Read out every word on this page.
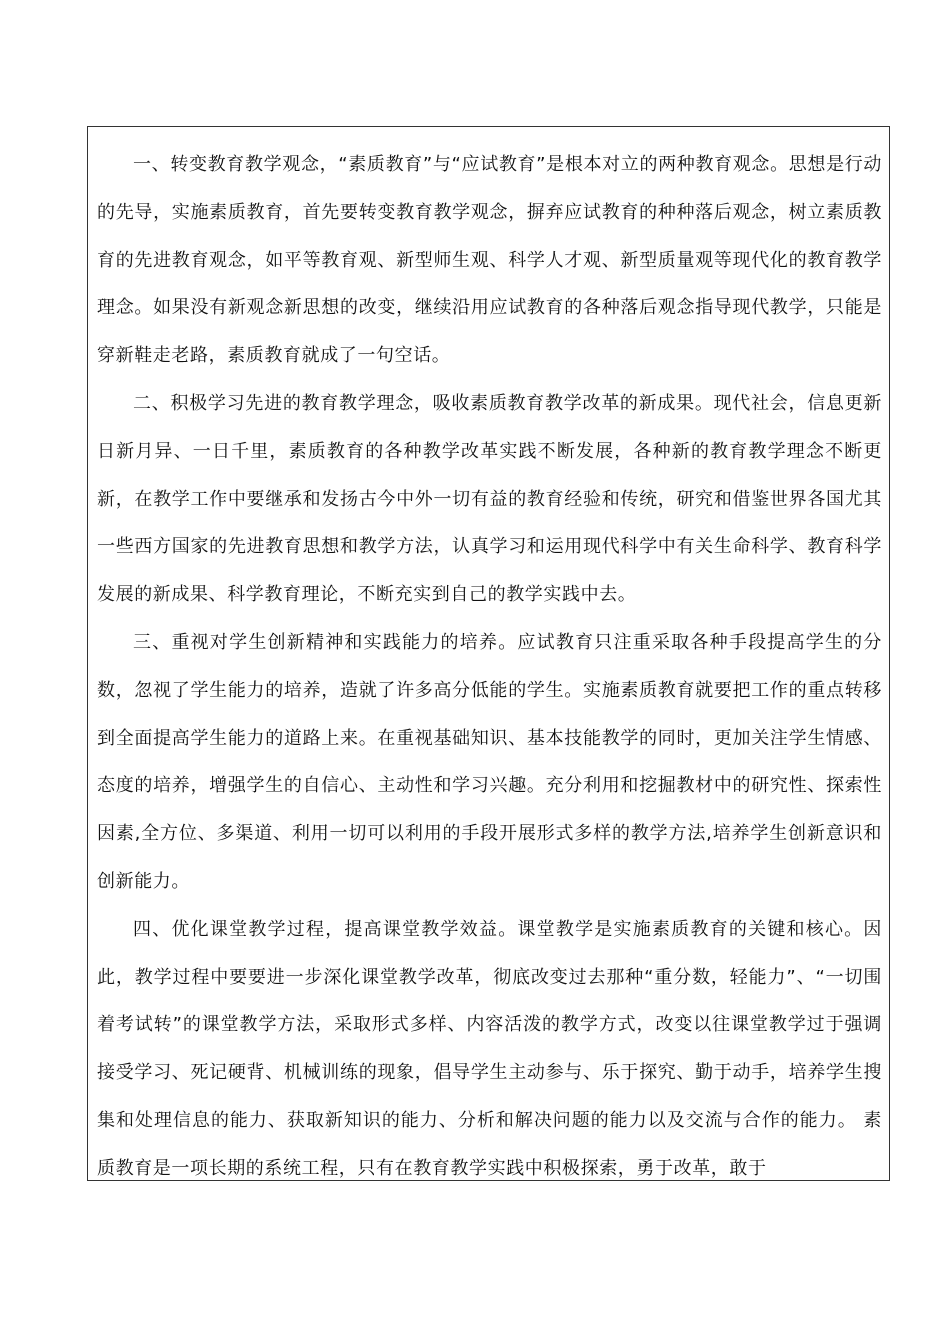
一、转变教育教学观念，“素质教育”与“应试教育”是根本对立的两种教育观念。思想是行动的先导，实施素质教育，首先要转变教育教学观念，摒弃应试教育的种种落后观念，树立素质教育的先进教育观念，如平等教育观、新型师生观、科学人才观、新型质量观等现代化的教育教学理念。如果没有新观念新思想的改变，继续沿用应试教育的各种落后观念指导现代教学，只能是穿新鞋走老路，素质教育就成了一句空话。

二、积极学习先进的教育教学理念，吸收素质教育教学改革的新成果。现代社会，信息更新日新月异、一日千里，素质教育的各种教学改革实践不断发展，各种新的教育教学理念不断更新，在教学工作中要继承和发扬古今中外一切有益的教育经验和传统，研究和借鉴世界各国尤其一些西方国家的先进教育思想和教学方法，认真学习和运用现代科学中有关生命科学、教育科学发展的新成果、科学教育理论，不断充实到自己的教学实践中去。

三、重视对学生创新精神和实践能力的培养。应试教育只注重采取各种手段提高学生的分数，忽视了学生能力的培养，造就了许多高分低能的学生。实施素质教育就要把工作的重点转移到全面提高学生能力的道路上来。在重视基础知识、基本技能教学的同时，更加关注学生情感、态度的培养，增强学生的自信心、主动性和学习兴趣。充分利用和挖掘教材中的研究性、探索性因素,全方位、多渠道、利用一切可以利用的手段开展形式多样的教学方法,培养学生创新意识和创新能力。

四、优化课堂教学过程，提高课堂教学效益。课堂教学是实施素质教育的关键和核心。因此，教学过程中要要进一步深化课堂教学改革，彻底改变过去那种“重分数，轻能力”、“一切围着考试转”的课堂教学方法，采取形式多样、内容活泼的教学方式，改变以往课堂教学过于强调接受学习、死记硬背、机械训练的现象，倡导学生主动参与、乐于探究、勤于动手，培养学生搜集和处理信息的能力、获取新知识的能力、分析和解决问题的能力以及交流与合作的能力。 素质教育是一项长期的系统工程，只有在教育教学实践中积极探索，勇于改革，敢于
